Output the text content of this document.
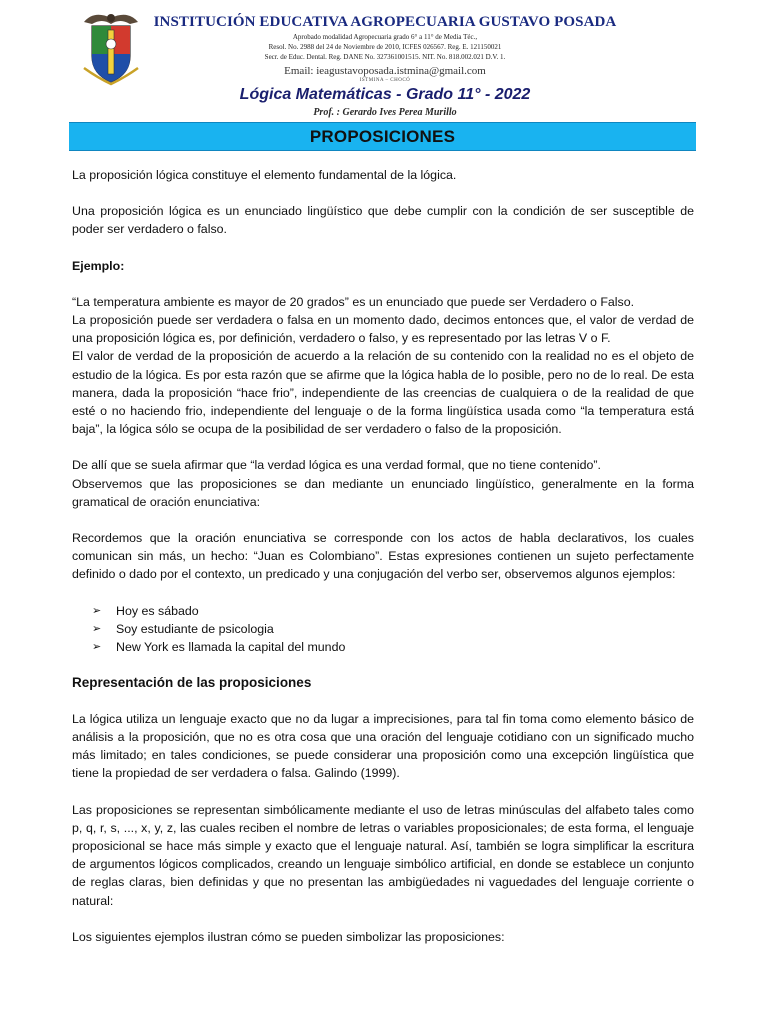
INSTITUCIÓN EDUCATIVA AGROPECUARIA GUSTAVO POSADA
Aprobado modalidad Agropecuaria grado 6° a 11° de Media Téc.,
Resol. No. 2988 del 24 de Noviembre de 2010, ICFES 026567. Reg. E. 121150021
Secr. de Educ. Dental. Reg. DANE No. 327361001515. NIT. No. 818.002.021 D.V. 1.
Email: ieagustavoposada.istmina@gmail.com
ISTMINA – CHOCÓ
Lógica Matemáticas - Grado 11° - 2022
Prof. : Gerardo Ives Perea Murillo
PROPOSICIONES

La proposición lógica constituye el elemento fundamental de la lógica.

Una proposición lógica es un enunciado lingüístico que debe cumplir con la condición de ser susceptible de poder ser verdadero o falso.

Ejemplo:

“La temperatura ambiente es mayor de 20 grados” es un enunciado que puede ser Verdadero o Falso.

La proposición puede ser verdadera o falsa en un momento dado, decimos entonces que, el valor de verdad de una proposición lógica es, por definición, verdadero o falso, y es representado por las letras V o F.

El valor de verdad de la proposición de acuerdo a la relación de su contenido con la realidad no es el objeto de estudio de la lógica. Es por esta razón que se afirme que la lógica habla de lo posible, pero no de lo real. De esta manera, dada la proposición “hace frio”, independiente de las creencias de cualquiera o de la realidad de que esté o no haciendo frio, independiente del lenguaje o de la forma lingüística usada como “la temperatura está baja”, la lógica sólo se ocupa de la posibilidad de ser verdadero o falso de la proposición.

De allí que se suela afirmar que “la verdad lógica es una verdad formal, que no tiene contenido”.

Observemos que las proposiciones se dan mediante un enunciado lingüístico, generalmente en la forma gramatical de oración enunciativa:

Recordemos que la oración enunciativa se corresponde con los actos de habla declarativos, los cuales comunican sin más, un hecho: “Juan es Colombiano”. Estas expresiones contienen un sujeto perfectamente definido o dado por el contexto, un predicado y una conjugación del verbo ser, observemos algunos ejemplos:

➢ Hoy es sábado
➢ Soy estudiante de psicologia
➢ New York es llamada la capital del mundo

Representación de las proposiciones

La lógica utiliza un lenguaje exacto que no da lugar a imprecisiones, para tal fin toma como elemento básico de análisis a la proposición, que no es otra cosa que una oración del lenguaje cotidiano con un significado mucho más limitado; en tales condiciones, se puede considerar una proposición como una excepción lingüística que tiene la propiedad de ser verdadera o falsa. Galindo (1999).

Las proposiciones se representan simbólicamente mediante el uso de letras minúsculas del alfabeto tales como p, q, r, s, ..., x, y, z, las cuales reciben el nombre de letras o variables proposicionales; de esta forma, el lenguaje proposicional se hace más simple y exacto que el lenguaje natural. Así, también se logra simplificar la escritura de argumentos lógicos complicados, creando un lenguaje simbólico artificial, en donde se establece un conjunto de reglas claras, bien definidas y que no presentan las ambigüedades ni vaguedades del lenguaje corriente o natural:

Los siguientes ejemplos ilustran cómo se pueden simbolizar las proposiciones:
